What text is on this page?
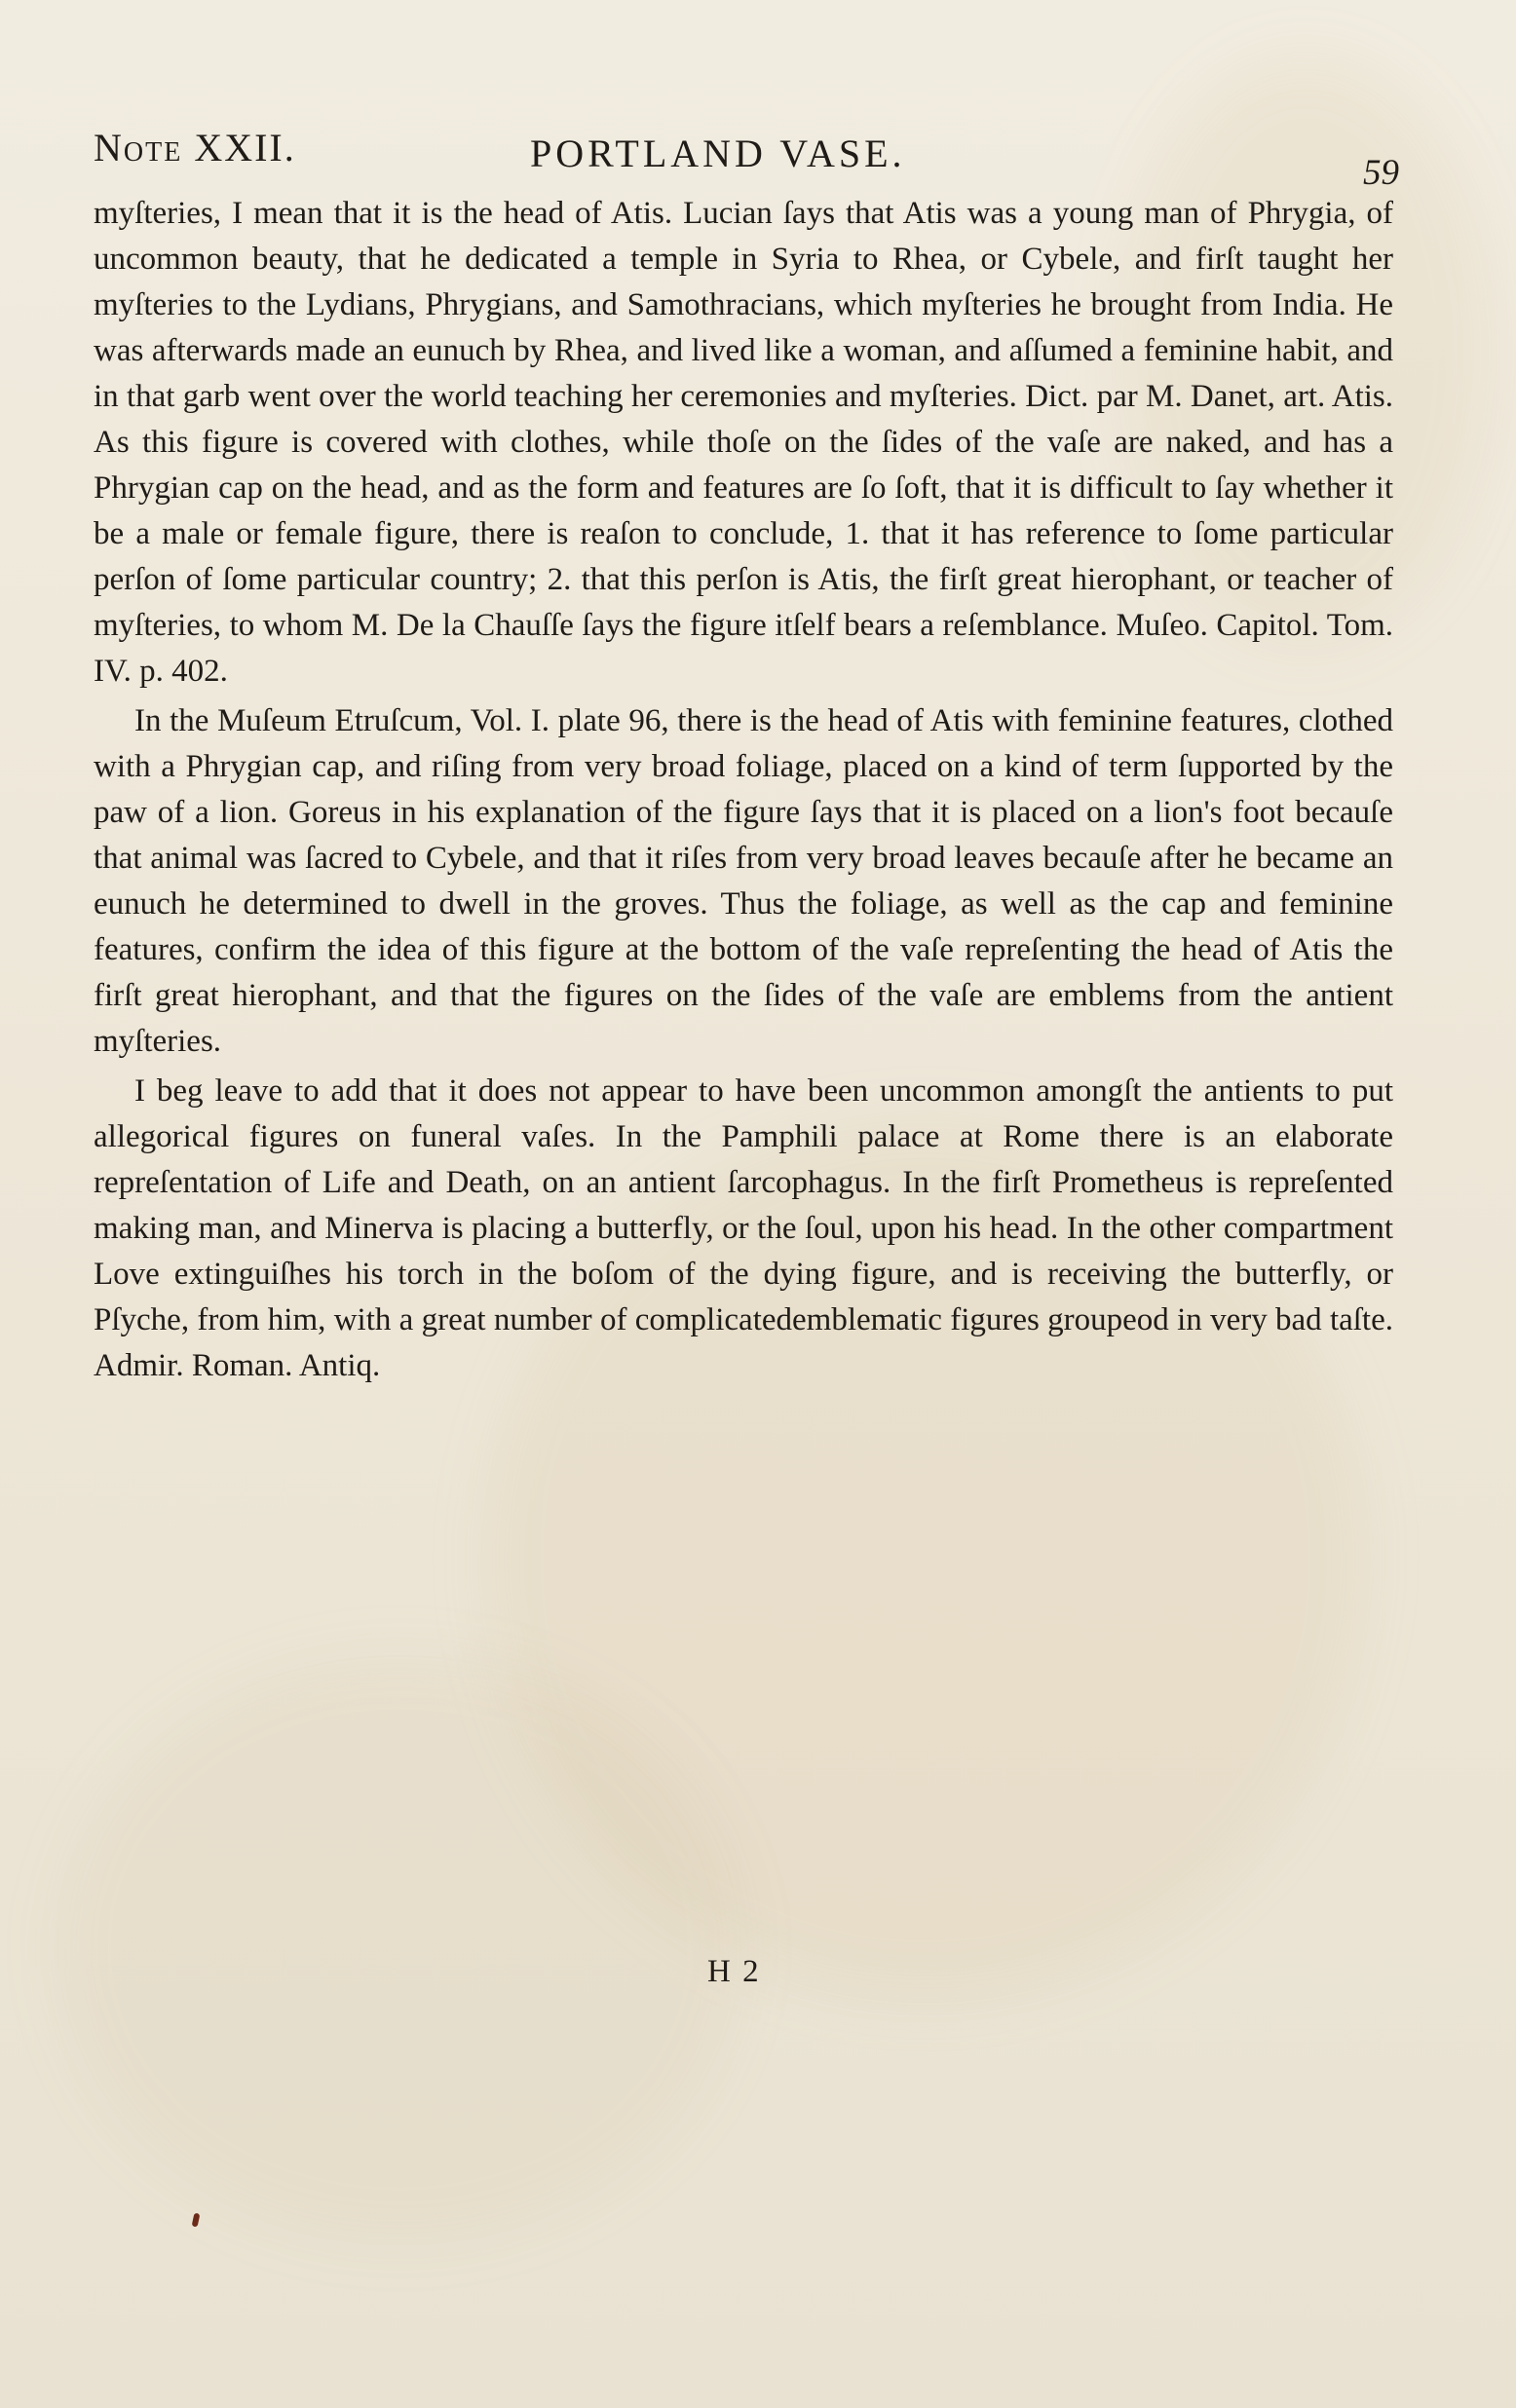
Note XXII.	PORTLAND VASE.	59

myſteries, I mean that it is the head of Atis. Lucian ſays that Atis was a young man of Phrygia, of uncommon beauty, that he dedicated a temple in Syria to Rhea, or Cybele, and firſt taught her myſteries to the Lydians, Phrygians, and Samothracians, which myſteries he brought from India. He was afterwards made an eunuch by Rhea, and lived like a woman, and aſſumed a feminine habit, and in that garb went over the world teaching her ceremonies and myſteries. Dict. par M. Danet, art. Atis. As this figure is covered with clothes, while thoſe on the ſides of the vaſe are naked, and has a Phrygian cap on the head, and as the form and features are ſo ſoft, that it is difficult to ſay whether it be a male or female figure, there is reaſon to conclude, 1. that it has reference to ſome particular perſon of ſome particular country; 2. that this perſon is Atis, the firſt great hierophant, or teacher of myſteries, to whom M. De la Chauſſe ſays the figure itſelf bears a reſemblance. Muſeo. Capitol. Tom. IV. p. 402.

In the Muſeum Etruſcum, Vol. I. plate 96, there is the head of Atis with feminine features, clothed with a Phrygian cap, and riſing from very broad foliage, placed on a kind of term ſupported by the paw of a lion. Goreus in his explanation of the figure ſays that it is placed on a lion's foot becauſe that animal was ſacred to Cybele, and that it riſes from very broad leaves becauſe after he became an eunuch he determined to dwell in the groves. Thus the foliage, as well as the cap and feminine features, confirm the idea of this figure at the bottom of the vaſe repreſenting the head of Atis the firſt great hierophant, and that the figures on the ſides of the vaſe are emblems from the antient myſteries.

I beg leave to add that it does not appear to have been uncommon amongſt the antients to put allegorical figures on funeral vaſes. In the Pamphili palace at Rome there is an elaborate repreſentation of Life and Death, on an antient ſarcophagus. In the firſt Prometheus is repreſented making man, and Minerva is placing a butterfly, or the ſoul, upon his head. In the other compartment Love extinguiſhes his torch in the boſom of the dying figure, and is receiving the butterfly, or Pſyche, from him, with a great number of complicatedemblematic figures groupeod in very bad taſte. Admir. Roman. Antiq.

H 2
